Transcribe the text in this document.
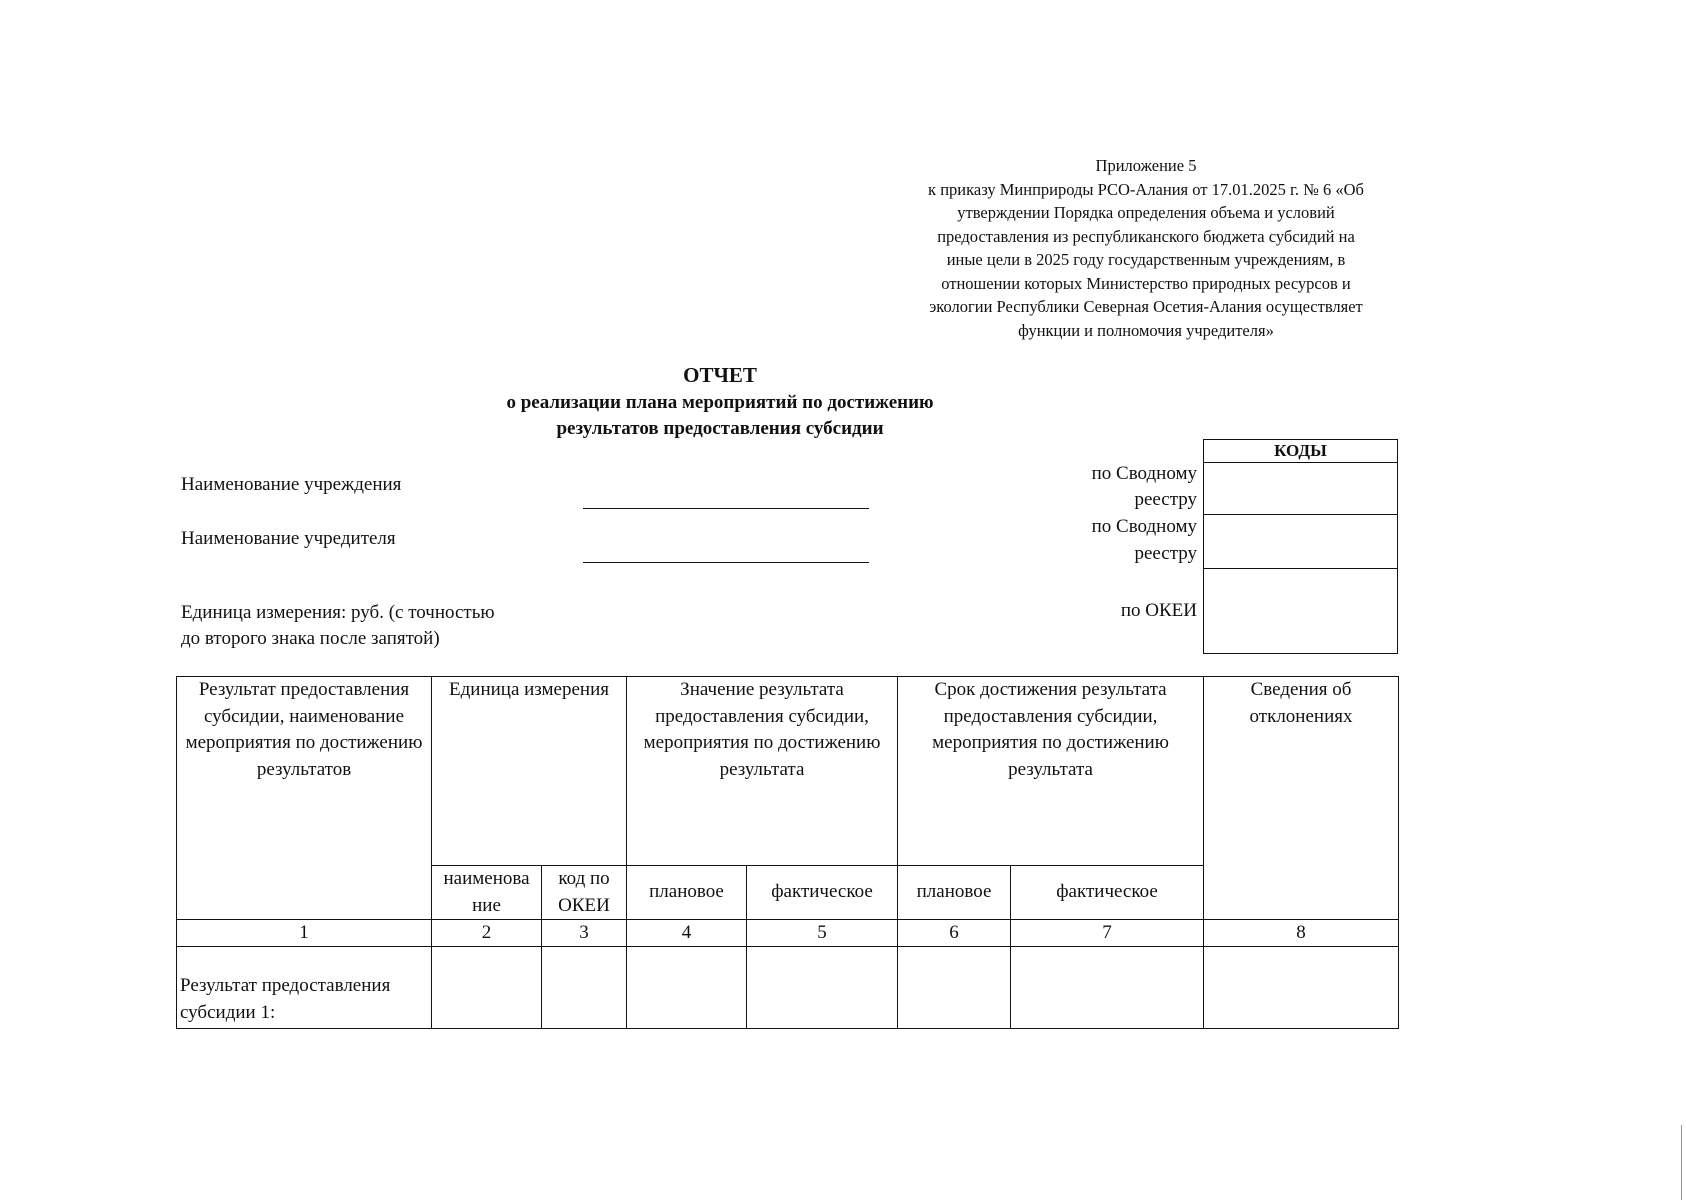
Приложение 5
к приказу Минприроды РСО-Алания от 17.01.2025 г. № 6 «Об
утверждении Порядка определения объема и условий
предоставления из республиканского бюджета субсидий на
иные цели в 2025 году государственным учреждениям, в
отношении которых Министерство природных ресурсов и
экологии Республики Северная Осетия-Алания осуществляет
функции и полномочия учредителя»
ОТЧЕТ
о реализации плана мероприятий по достижению
результатов предоставления субсидии
Наименование учреждения
Наименование учредителя
Единица измерения: руб. (с точностью
до второго знака после запятой)
по Сводному
реестру
по Сводному
реестру
по ОКЕИ
КОДЫ
Результат предоставления субсидии, наименование мероприятия по достижению результатов	Единица измерения		Значение результата предоставления субсидии, мероприятия по достижению результата		Срок достижения результата предоставления субсидии, мероприятия по достижению результата		Сведения об отклонениях
	наименова ние	код по ОКЕИ	плановое	фактическое	плановое	фактическое	
1	2	3	4	5	6	7	8
Результат предоставления субсидии 1:							
